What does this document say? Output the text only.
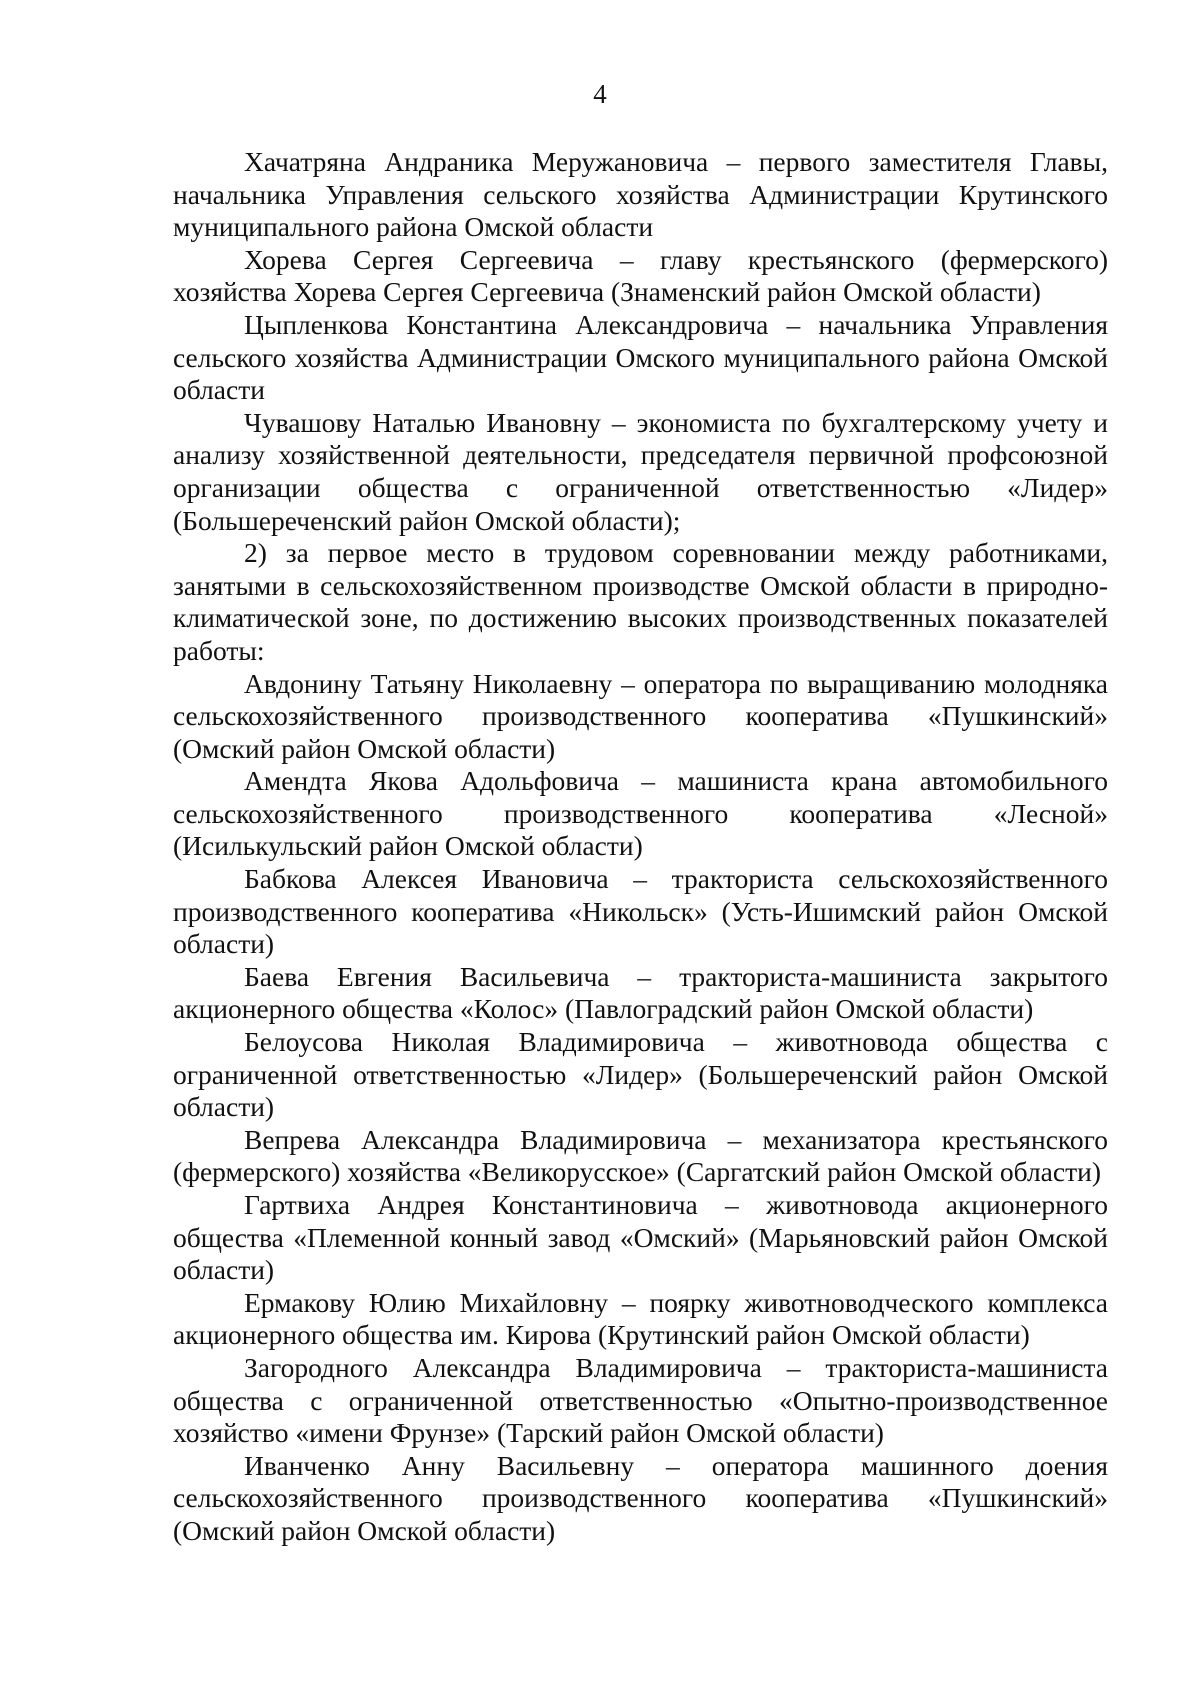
4

Хачатряна Андраника Меружановича – первого заместителя Главы, начальника Управления сельского хозяйства Администрации Крутинского муниципального района Омской области

Хорева Сергея Сергеевича – главу крестьянского (фермерского) хозяйства Хорева Сергея Сергеевича (Знаменский район Омской области)

Цыпленкова Константина Александровича – начальника Управления сельского хозяйства Администрации Омского муниципального района Омской области

Чувашову Наталью Ивановну – экономиста по бухгалтерскому учету и анализу хозяйственной деятельности, председателя первичной профсоюзной организации общества с ограниченной ответственностью «Лидер» (Большереченский район Омской области);

2) за первое место в трудовом соревновании между работниками, занятыми в сельскохозяйственном производстве Омской области в природно-климатической зоне, по достижению высоких производственных показателей работы:

Авдонину Татьяну Николаевну – оператора по выращиванию молодняка сельскохозяйственного производственного кооператива «Пушкинский» (Омский район Омской области)

Амендта Якова Адольфовича – машиниста крана автомобильного сельскохозяйственного производственного кооператива «Лесной» (Исилькульский район Омской области)

Бабкова Алексея Ивановича – тракториста сельскохозяйственного производственного кооператива «Никольск» (Усть-Ишимский район Омской области)

Баева Евгения Васильевича – тракториста-машиниста закрытого акционерного общества «Колос» (Павлоградский район Омской области)

Белоусова Николая Владимировича – животновода общества с ограниченной ответственностью «Лидер» (Большереченский район Омской области)

Вепрева Александра Владимировича – механизатора крестьянского (фермерского) хозяйства «Великорусское» (Саргатский район Омской области)

Гартвиха Андрея Константиновича – животновода акционерного общества «Племенной конный завод «Омский» (Марьяновский район Омской области)

Ермакову Юлию Михайловну – поярку животноводческого комплекса акционерного общества им. Кирова (Крутинский район Омской области)

Загородного Александра Владимировича – тракториста-машиниста общества с ограниченной ответственностью «Опытно-производственное хозяйство «имени Фрунзе» (Тарский район Омской области)

Иванченко Анну Васильевну – оператора машинного доения сельскохозяйственного производственного кооператива «Пушкинский» (Омский район Омской области)
